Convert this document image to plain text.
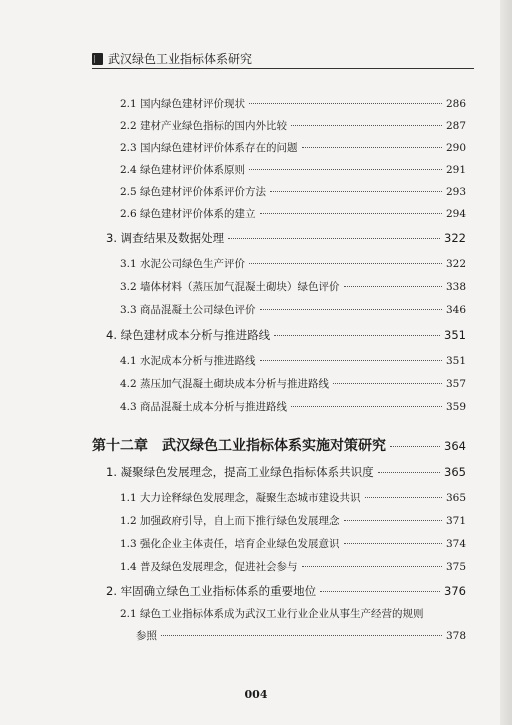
武汉绿色工业指标体系研究
2.1 国内绿色建材评价现状	286
2.2 建材产业绿色指标的国内外比较	287
2.3 国内绿色建材评价体系存在的问题	290
2.4 绿色建材评价体系原则	291
2.5 绿色建材评价体系评价方法	293
2.6 绿色建材评价体系的建立	294
3. 调查结果及数据处理	322
3.1 水泥公司绿色生产评价	322
3.2 墙体材料（蒸压加气混凝土砌块）绿色评价	338
3.3 商品混凝土公司绿色评价	346
4. 绿色建材成本分析与推进路线	351
4.1 水泥成本分析与推进路线	351
4.2 蒸压加气混凝土砌块成本分析与推进路线	357
4.3 商品混凝土成本分析与推进路线	359
第十二章　武汉绿色工业指标体系实施对策研究	364
1. 凝聚绿色发展理念，提高工业绿色指标体系共识度	365
1.1 大力诠释绿色发展理念，凝聚生态城市建设共识	365
1.2 加强政府引导，自上而下推行绿色发展理念	371
1.3 强化企业主体责任，培育企业绿色发展意识	374
1.4 普及绿色发展理念，促进社会参与	375
2. 牢固确立绿色工业指标体系的重要地位	376
2.1 绿色工业指标体系成为武汉工业行业企业从事生产经营的规则
参照	378
004
